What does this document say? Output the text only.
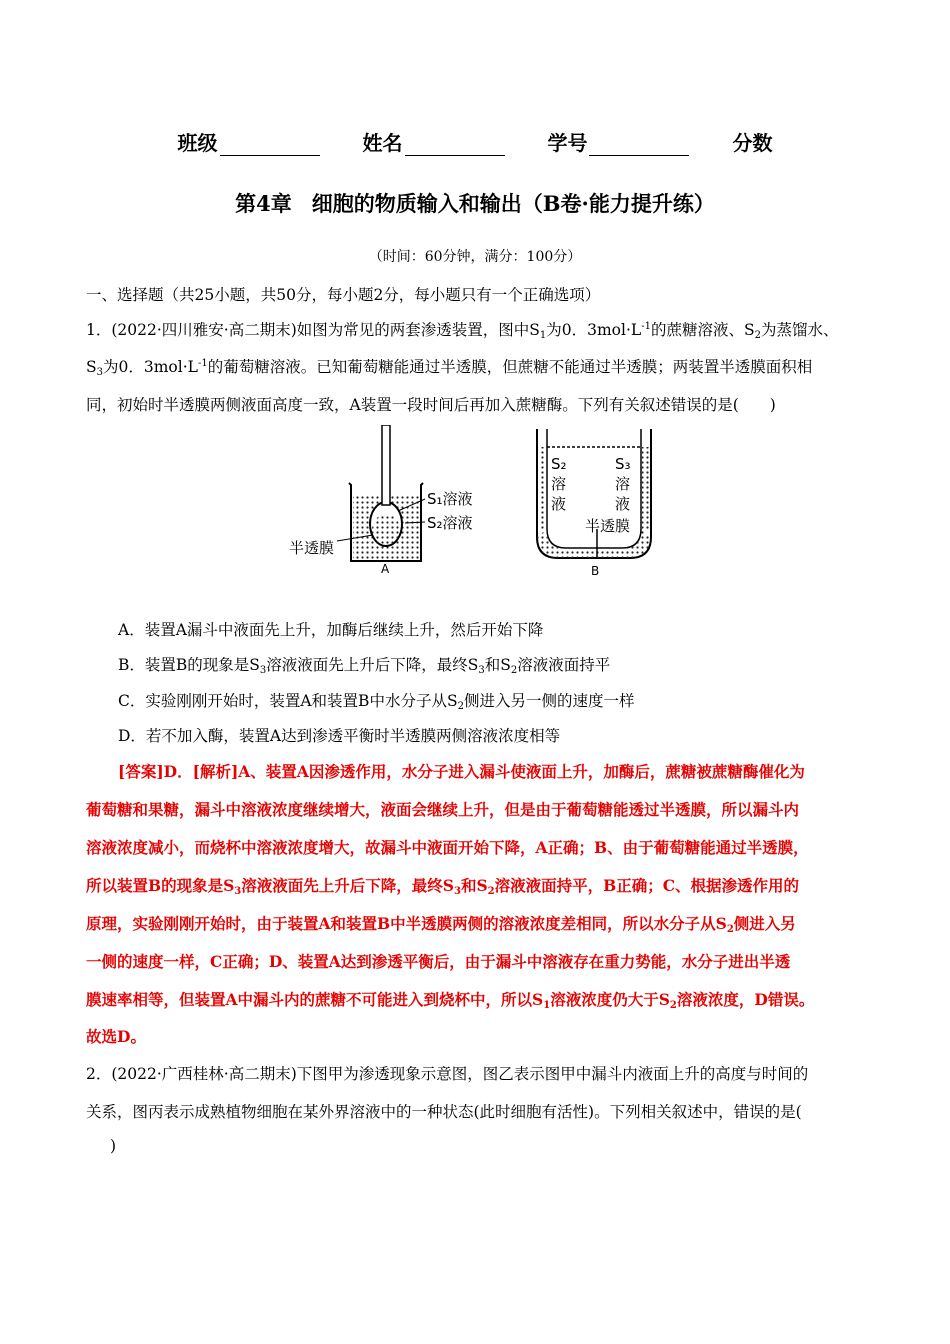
班级	姓名	学号	分数
第4章 细胞的物质输入和输出（B卷·能力提升练）
（时间：60分钟，满分：100分）
一、选择题（共25小题，共50分，每小题2分，每小题只有一个正确选项）
1．(2022·四川雅安·高二期末)如图为常见的两套渗透装置，图中$S_1$为0．$3mol\cdot L^{-1}$的蔗糖溶液、$S_2$为蒸馏水、
$S_3$为0．$3mol\cdot L^{-1}$的葡萄糖溶液。已知葡萄糖能通过半透膜，但蔗糖不能通过半透膜；两装置半透膜面积相
同，初始时半透膜两侧液面高度一致，A装置一段时间后再加入蔗糖酶。下列有关叙述错误的是(　　)
S₁溶液
S₂溶液
半透膜
A
S₂
溶
液
S₃
溶
液
半透膜
B
A．装置A漏斗中液面先上升，加酶后继续上升，然后开始下降
B．装置B的现象是$S_3$溶液液面先上升后下降，最终$S_3$和$S_2$溶液液面持平
C．实验刚刚开始时，装置A和装置B中水分子从$S_2$侧进入另一侧的速度一样
D．若不加入酶，装置A达到渗透平衡时半透膜两侧溶液浓度相等
[答案]D．[解析]A、装置A因渗透作用，水分子进入漏斗使液面上升，加酶后，蔗糖被蔗糖酶催化为
葡萄糖和果糖，漏斗中溶液浓度继续增大，液面会继续上升，但是由于葡萄糖能透过半透膜，所以漏斗内
溶液浓度减小，而烧杯中溶液浓度增大，故漏斗中液面开始下降，A正确；B、由于葡萄糖能通过半透膜，
所以装置B的现象是$S_3$溶液液面先上升后下降，最终$S_3$和$S_2$溶液液面持平，B正确；C、根据渗透作用的
原理，实验刚刚开始时，由于装置A和装置B中半透膜两侧的溶液浓度差相同，所以水分子从$S_2$侧进入另
一侧的速度一样，C正确；D、装置A达到渗透平衡后，由于漏斗中溶液存在重力势能，水分子进出半透
膜速率相等，但装置A中漏斗内的蔗糖不可能进入到烧杯中，所以$S_1$溶液浓度仍大于$S_2$溶液浓度，D错误。
故选D。
2．(2022·广西桂林·高二期末)下图甲为渗透现象示意图，图乙表示图甲中漏斗内液面上升的高度与时间的
关系，图丙表示成熟植物细胞在某外界溶液中的一种状态(此时细胞有活性)。下列相关叙述中，错误的是(
)
